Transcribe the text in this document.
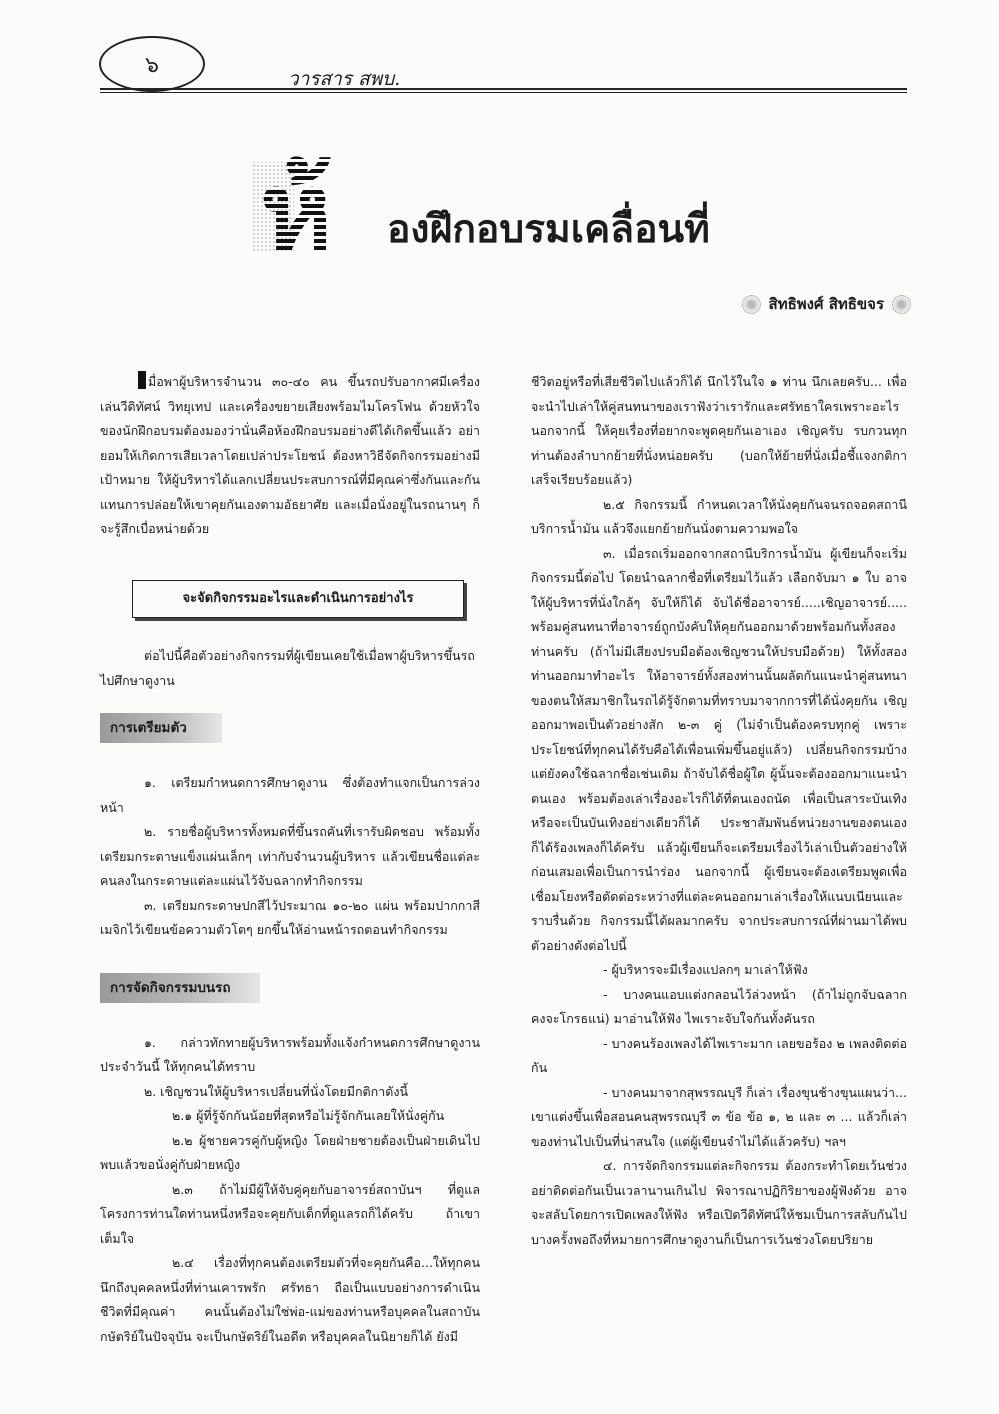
๖
วารสาร สพบ.
องฝึกอบรมเคลื่อนที่
สิทธิพงศ์ สิทธิขจร

มื่อพาผู้บริหารจำนวน ๓๐-๔๐ คน ขึ้นรถปรับอากาศมีเครื่องเล่นวีดิทัศน์ วิทยุเทป และเครื่องขยายเสียงพร้อมไมโครโฟน ด้วยหัวใจของนักฝึกอบรมต้องมองว่านั่นคือห้องฝึกอบรมอย่างดีได้เกิดขึ้นแล้ว อย่ายอมให้เกิดการเสียเวลาโดยเปล่าประโยชน์ ต้องหาวิธีจัดกิจกรรมอย่างมีเป้าหมาย ให้ผู้บริหารได้แลกเปลี่ยนประสบการณ์ที่มีคุณค่าซึ่งกันและกัน แทนการปล่อยให้เขาคุยกันเองตามอัธยาศัย และเมื่อนั่งอยู่ในรถนานๆ ก็จะรู้สึกเบื่อหน่ายด้วย

จะจัดกิจกรรมอะไรและดำเนินการอย่างไร

ต่อไปนี้คือตัวอย่างกิจกรรมที่ผู้เขียนเคยใช้เมื่อพาผู้บริหารขึ้นรถไปศึกษาดูงาน

การเตรียมตัว

๑. เตรียมกำหนดการศึกษาดูงาน ซึ่งต้องทำแจกเป็นการล่วงหน้า

๒. รายชื่อผู้บริหารทั้งหมดที่ขึ้นรถคันที่เรารับผิดชอบ พร้อมทั้งเตรียมกระดาษแข็งแผ่นเล็กๆ เท่ากับจำนวนผู้บริหาร แล้วเขียนชื่อแต่ละคนลงในกระดาษแต่ละแผ่นไว้จับฉลากทำกิจกรรม

๓. เตรียมกระดาษปกสีไว้ประมาณ ๑๐-๒๐ แผ่น พร้อมปากกาสีเมจิกไว้เขียนข้อความตัวโตๆ ยกขึ้นให้อ่านหน้ารถตอนทำกิจกรรม

การจัดกิจกรรมบนรถ

๑. กล่าวทักทายผู้บริหารพร้อมทั้งแจ้งกำหนดการศึกษาดูงานประจำวันนี้ ให้ทุกคนได้ทราบ

๒. เชิญชวนให้ผู้บริหารเปลี่ยนที่นั่งโดยมีกติกาดังนี้

๒.๑ ผู้ที่รู้จักกันน้อยที่สุดหรือไม่รู้จักกันเลยให้นั่งคู่กัน

๒.๒ ผู้ชายควรคู่กับผู้หญิง โดยฝ่ายชายต้องเป็นฝ่ายเดินไปพบแล้วขอนั่งคู่กับฝ่ายหญิง

๒.๓ ถ้าไม่มีผู้ให้จับคู่คุยกับอาจารย์สถาบันฯ ที่ดูแลโครงการท่านใดท่านหนึ่งหรือจะคุยกับเด็กที่ดูแลรถก็ได้ครับ ถ้าเขาเต็มใจ

๒.๔ เรื่องที่ทุกคนต้องเตรียมตัวที่จะคุยกันคือ...ให้ทุกคนนึกถึงบุคคลหนึ่งที่ท่านเคารพรัก ศรัทธา ถือเป็นแบบอย่างการดำเนินชีวิตที่มีคุณค่า คนนั้นต้องไม่ใช่พ่อ-แม่ของท่านหรือบุคคลในสถาบันกษัตริย์ในปัจจุบัน จะเป็นกษัตริย์ในอดีต หรือบุคคลในนิยายก็ได้ ยังมี

ชีวิตอยู่หรือที่เสียชีวิตไปแล้วก็ได้ นึกไว้ในใจ ๑ ท่าน นึกเลยครับ... เพื่อจะนำไปเล่าให้คู่สนทนาของเราฟังว่าเรารักและศรัทธาใครเพราะอะไร นอกจากนี้ ให้คุยเรื่องที่อยากจะพูดคุยกันเอาเอง เชิญครับ รบกวนทุกท่านต้องลำบากย้ายที่นั่งหน่อยครับ (บอกให้ย้ายที่นั่งเมื่อชี้แจงกติกาเสร็จเรียบร้อยแล้ว)

๒.๕ กิจกรรมนี้ กำหนดเวลาให้นั่งคุยกันจนรถจอดสถานีบริการน้ำมัน แล้วจึงแยกย้ายกันนั่งตามความพอใจ

๓. เมื่อรถเริ่มออกจากสถานีบริการน้ำมัน ผู้เขียนก็จะเริ่มกิจกรรมนี้ต่อไป โดยนำฉลากชื่อที่เตรียมไว้แล้ว เลือกจับมา ๑ ใบ อาจให้ผู้บริหารที่นั่งใกล้ๆ จับให้ก็ได้ จับได้ชื่ออาจารย์.....เชิญอาจารย์..... พร้อมคู่สนทนาที่อาจารย์ถูกบังคับให้คุยกันออกมาด้วยพร้อมกันทั้งสองท่านครับ (ถ้าไม่มีเสียงปรบมือต้องเชิญชวนให้ปรบมือด้วย) ให้ทั้งสองท่านออกมาทำอะไร ให้อาจารย์ทั้งสองท่านนั้นผลัดกันแนะนำคู่สนทนาของตนให้สมาชิกในรถได้รู้จักตามที่ทราบมาจากการที่ได้นั่งคุยกัน เชิญออกมาพอเป็นตัวอย่างสัก ๒-๓ คู่ (ไม่จำเป็นต้องครบทุกคู่ เพราะประโยชน์ที่ทุกคนได้รับคือได้เพื่อนเพิ่มขึ้นอยู่แล้ว) เปลี่ยนกิจกรรมบ้างแต่ยังคงใช้ฉลากชื่อเช่นเดิม ถ้าจับได้ชื่อผู้ใด ผู้นั้นจะต้องออกมาแนะนำตนเอง พร้อมต้องเล่าเรื่องอะไรก็ได้ที่ตนเองถนัด เพื่อเป็นสาระบันเทิงหรือจะเป็นบันเทิงอย่างเดียวก็ได้ ประชาสัมพันธ์หน่วยงานของตนเองก็ได้ร้องเพลงก็ได้ครับ แล้วผู้เขียนก็จะเตรียมเรื่องไว้เล่าเป็นตัวอย่างให้ก่อนเสมอเพื่อเป็นการนำร่อง นอกจากนี้ ผู้เขียนจะต้องเตรียมพูดเพื่อเชื่อมโยงหรือตัดต่อระหว่างที่แต่ละคนออกมาเล่าเรื่องให้แนบเนียนและราบรื่นด้วย กิจกรรมนี้ได้ผลมากครับ จากประสบการณ์ที่ผ่านมาได้พบตัวอย่างดังต่อไปนี้

- ผู้บริหารจะมีเรื่องแปลกๆ มาเล่าให้ฟัง

- บางคนแอบแต่งกลอนไว้ล่วงหน้า (ถ้าไม่ถูกจับฉลากคงจะโกรธแน่) มาอ่านให้ฟัง ไพเราะจับใจกันทั้งคันรถ

- บางคนร้องเพลงได้ไพเราะมาก เลยขอร้อง ๒ เพลงติดต่อกัน

- บางคนมาจากสุพรรณบุรี ก็เล่า เรื่องขุนช้างขุนแผนว่า... เขาแต่งขึ้นเพื่อสอนคนสุพรรณบุรี ๓ ข้อ ข้อ ๑, ๒ และ ๓ ... แล้วก็เล่าของท่านไปเป็นที่น่าสนใจ (แต่ผู้เขียนจำไม่ได้แล้วครับ) ฯลฯ

๔. การจัดกิจกรรมแต่ละกิจกรรม ต้องกระทำโดยเว้นช่วง อย่าติดต่อกันเป็นเวลานานเกินไป พิจารณาปฏิกิริยาของผู้ฟังด้วย อาจจะสลับโดยการเปิดเพลงให้ฟัง หรือเปิดวีดิทัศน์ให้ชมเป็นการสลับกันไป บางครั้งพอถึงที่หมายการศึกษาดูงานก็เป็นการเว้นช่วงโดยปริยาย
